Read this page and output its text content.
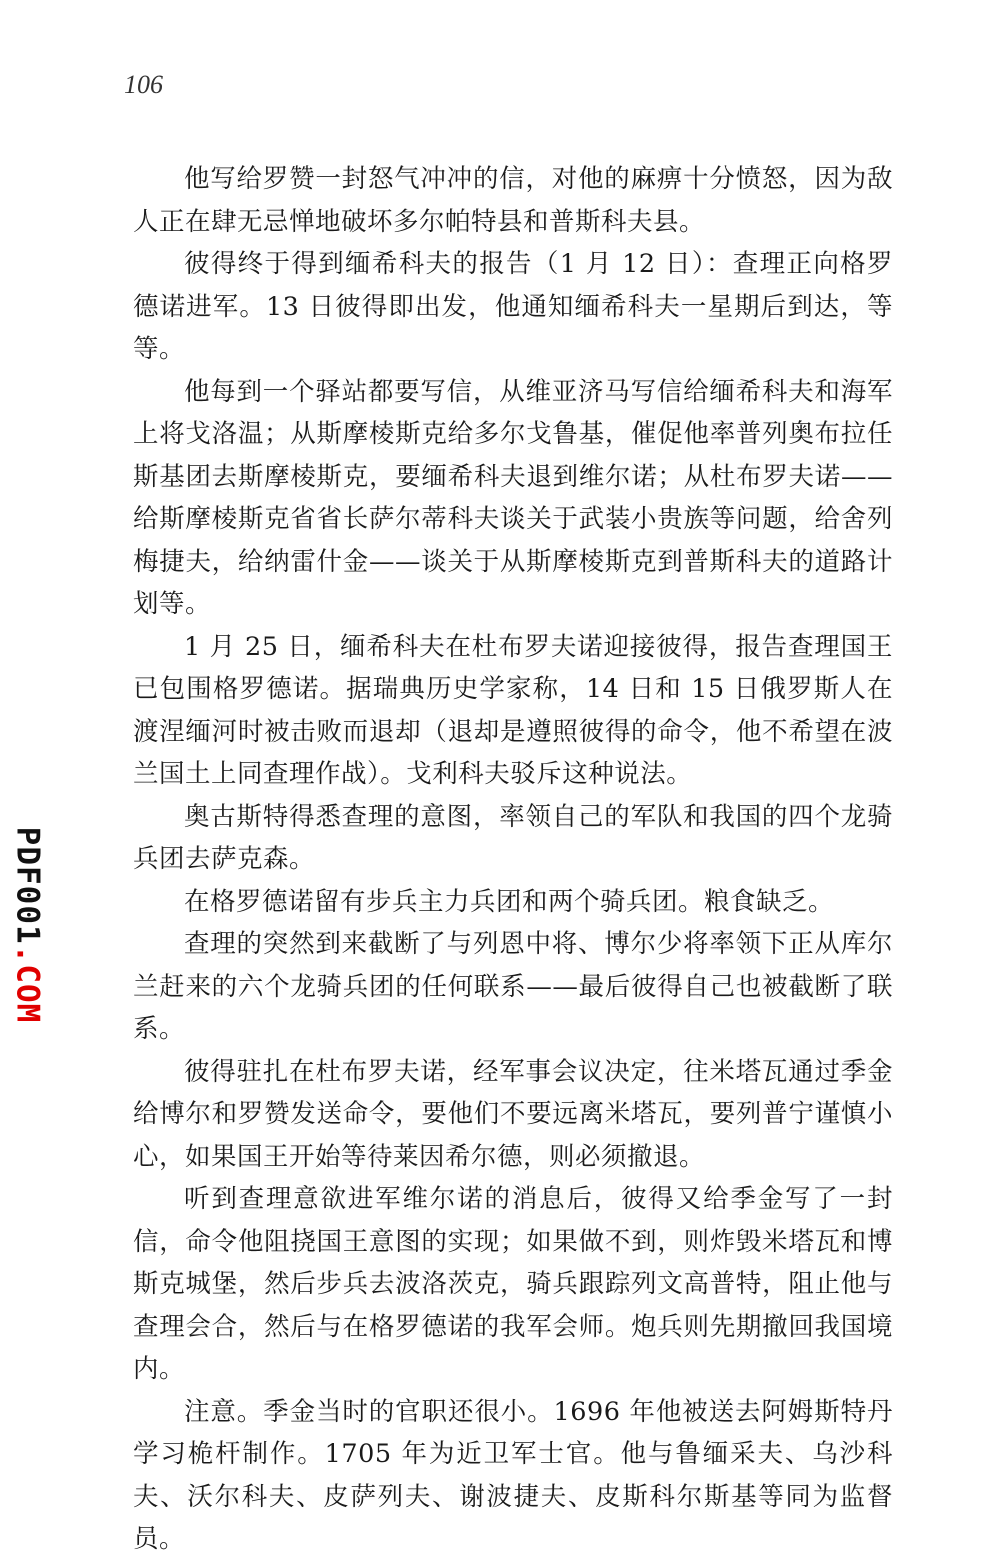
106

他写给罗赞一封怒气冲冲的信，对他的麻痹十分愤怒，因为敌人正在肆无忌惮地破坏多尔帕特县和普斯科夫县。

彼得终于得到缅希科夫的报告（1 月 12 日）：查理正向格罗德诺进军。13 日彼得即出发，他通知缅希科夫一星期后到达，等等。

他每到一个驿站都要写信，从维亚济马写信给缅希科夫和海军上将戈洛温；从斯摩棱斯克给多尔戈鲁基，催促他率普列奥布拉任斯基团去斯摩棱斯克，要缅希科夫退到维尔诺；从杜布罗夫诺——给斯摩棱斯克省省长萨尔蒂科夫谈关于武装小贵族等问题，给舍列梅捷夫，给纳雷什金——谈关于从斯摩棱斯克到普斯科夫的道路计划等。

1 月 25 日，缅希科夫在杜布罗夫诺迎接彼得，报告查理国王已包围格罗德诺。据瑞典历史学家称，14 日和 15 日俄罗斯人在渡涅缅河时被击败而退却（退却是遵照彼得的命令，他不希望在波兰国土上同查理作战）。戈利科夫驳斥这种说法。

奥古斯特得悉查理的意图，率领自己的军队和我国的四个龙骑兵团去萨克森。

在格罗德诺留有步兵主力兵团和两个骑兵团。粮食缺乏。

查理的突然到来截断了与列恩中将、博尔少将率领下正从库尔兰赶来的六个龙骑兵团的任何联系——最后彼得自己也被截断了联系。

彼得驻扎在杜布罗夫诺，经军事会议决定，往米塔瓦通过季金给博尔和罗赞发送命令，要他们不要远离米塔瓦，要列普宁谨慎小心，如果国王开始等待莱因希尔德，则必须撤退。

听到查理意欲进军维尔诺的消息后，彼得又给季金写了一封信，命令他阻挠国王意图的实现；如果做不到，则炸毁米塔瓦和博斯克城堡，然后步兵去波洛茨克，骑兵跟踪列文高普特，阻止他与查理会合，然后与在格罗德诺的我军会师。炮兵则先期撤回我国境内。

注意。季金当时的官职还很小。1696 年他被送去阿姆斯特丹学习桅杆制作。1705 年为近卫军士官。他与鲁缅采夫、乌沙科夫、沃尔科夫、皮萨列夫、谢波捷夫、皮斯科尔斯基等同为监督员。

PDF001.COM
